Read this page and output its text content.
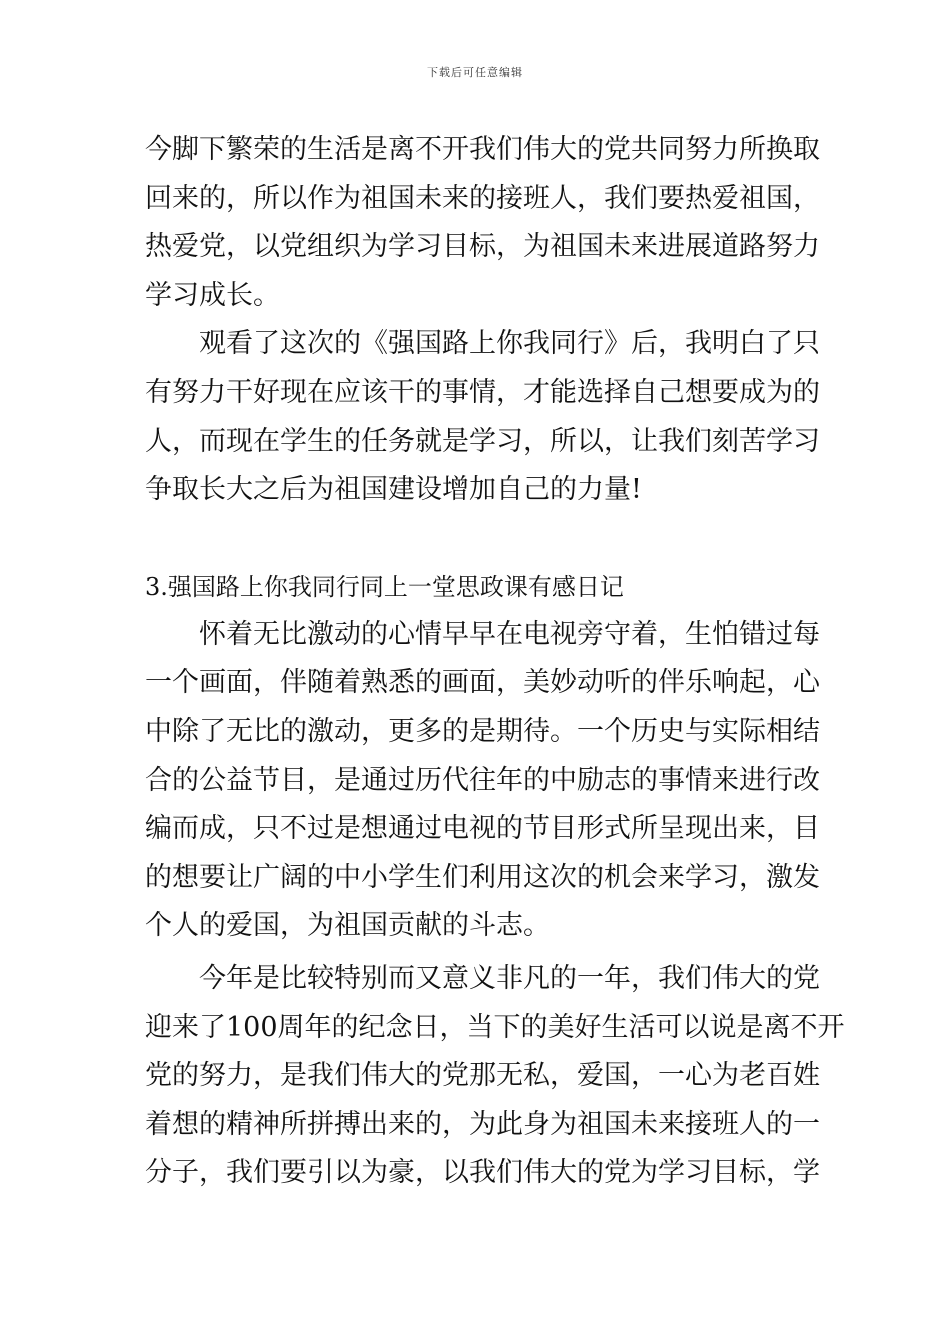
下载后可任意编辑
今脚下繁荣的生活是离不开我们伟大的党共同努力所换取
回来的，所以作为祖国未来的接班人，我们要热爱祖国，
热爱党，以党组织为学习目标，为祖国未来进展道路努力
学习成长。
观看了这次的《强国路上你我同行》后，我明白了只
有努力干好现在应该干的事情，才能选择自己想要成为的
人，而现在学生的任务就是学习，所以，让我们刻苦学习
争取长大之后为祖国建设增加自己的力量!
3.强国路上你我同行同上一堂思政课有感日记
怀着无比激动的心情早早在电视旁守着，生怕错过每
一个画面，伴随着熟悉的画面，美妙动听的伴乐响起，心
中除了无比的激动，更多的是期待。一个历史与实际相结
合的公益节目，是通过历代往年的中励志的事情来进行改
编而成，只不过是想通过电视的节目形式所呈现出来，目
的想要让广阔的中小学生们利用这次的机会来学习，激发
个人的爱国，为祖国贡献的斗志。
今年是比较特别而又意义非凡的一年，我们伟大的党
迎来了100周年的纪念日，当下的美好生活可以说是离不开
党的努力，是我们伟大的党那无私，爱国，一心为老百姓
着想的精神所拼搏出来的，为此身为祖国未来接班人的一
分子，我们要引以为豪，以我们伟大的党为学习目标，学
